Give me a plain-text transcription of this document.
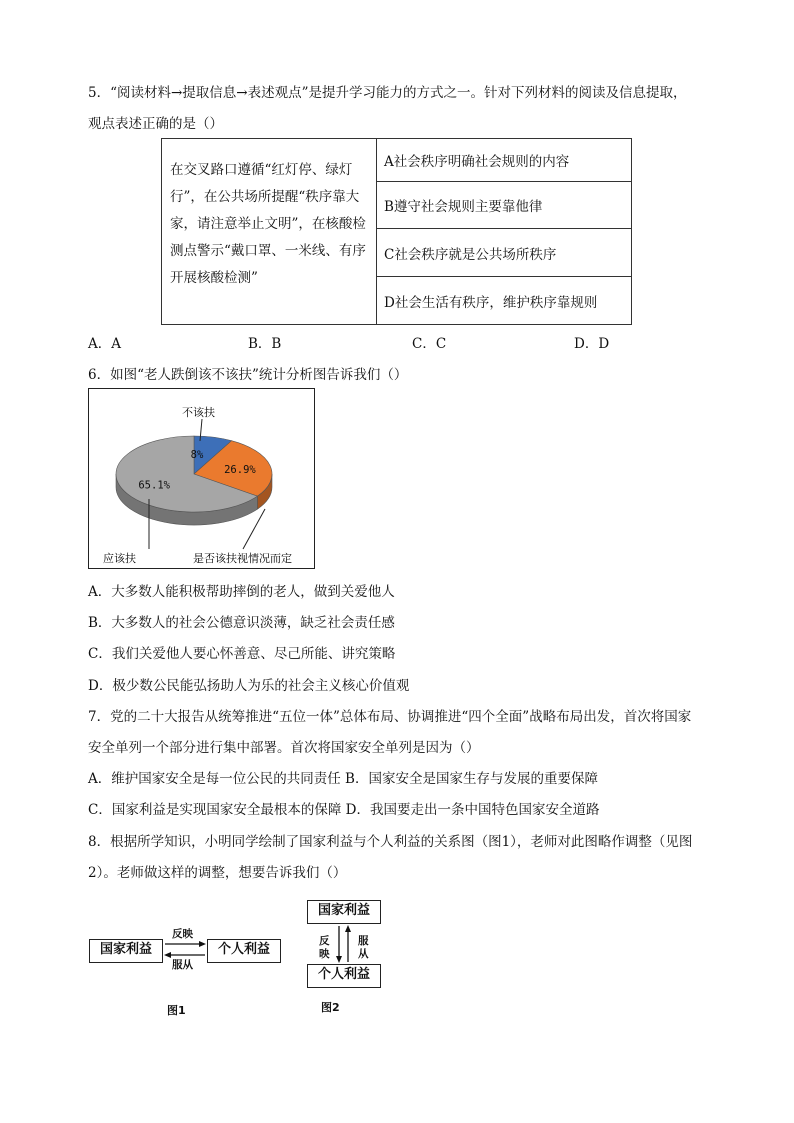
5．“阅读材料→提取信息→表述观点”是提升学习能力的方式之一。针对下列材料的阅读及信息提取，
观点表述正确的是（）
在交叉路口遵循“红灯停、绿灯
行”，在公共场所提醒“秩序靠大
家，请注意举止文明”，在核酸检
测点警示“戴口罩、一米线、有序
开展核酸检测”
A社会秩序明确社会规则的内容
B遵守社会规则主要靠他律
C社会秩序就是公共场所秩序
D社会生活有秩序，维护秩序靠规则
A．A	B．B	C．C	D．D
6．如图“老人跌倒该不该扶”统计分析图告诉我们（）
8%
26.9%
65.1%
不该扶
应该扶	是否该扶视情况而定
A．大多数人能积极帮助摔倒的老人，做到关爱他人
B．大多数人的社会公德意识淡薄，缺乏社会责任感
C．我们关爱他人要心怀善意、尽己所能、讲究策略
D．极少数公民能弘扬助人为乐的社会主义核心价值观
7．党的二十大报告从统筹推进“五位一体”总体布局、协调推进“四个全面”战略布局出发，首次将国家
安全单列一个部分进行集中部署。首次将国家安全单列是因为（）
A．维护国家安全是每一位公民的共同责任 B．国家安全是国家生存与发展的重要保障
C．国家利益是实现国家安全最根本的保障 D．我国要走出一条中国特色国家安全道路
8．根据所学知识，小明同学绘制了国家利益与个人利益的关系图（图1），老师对此图略作调整（见图
2）。老师做这样的调整，想要告诉我们（）
国家利益	个人利益
反映
服从
图1
国家利益
个人利益
反
映
服
从
图2
